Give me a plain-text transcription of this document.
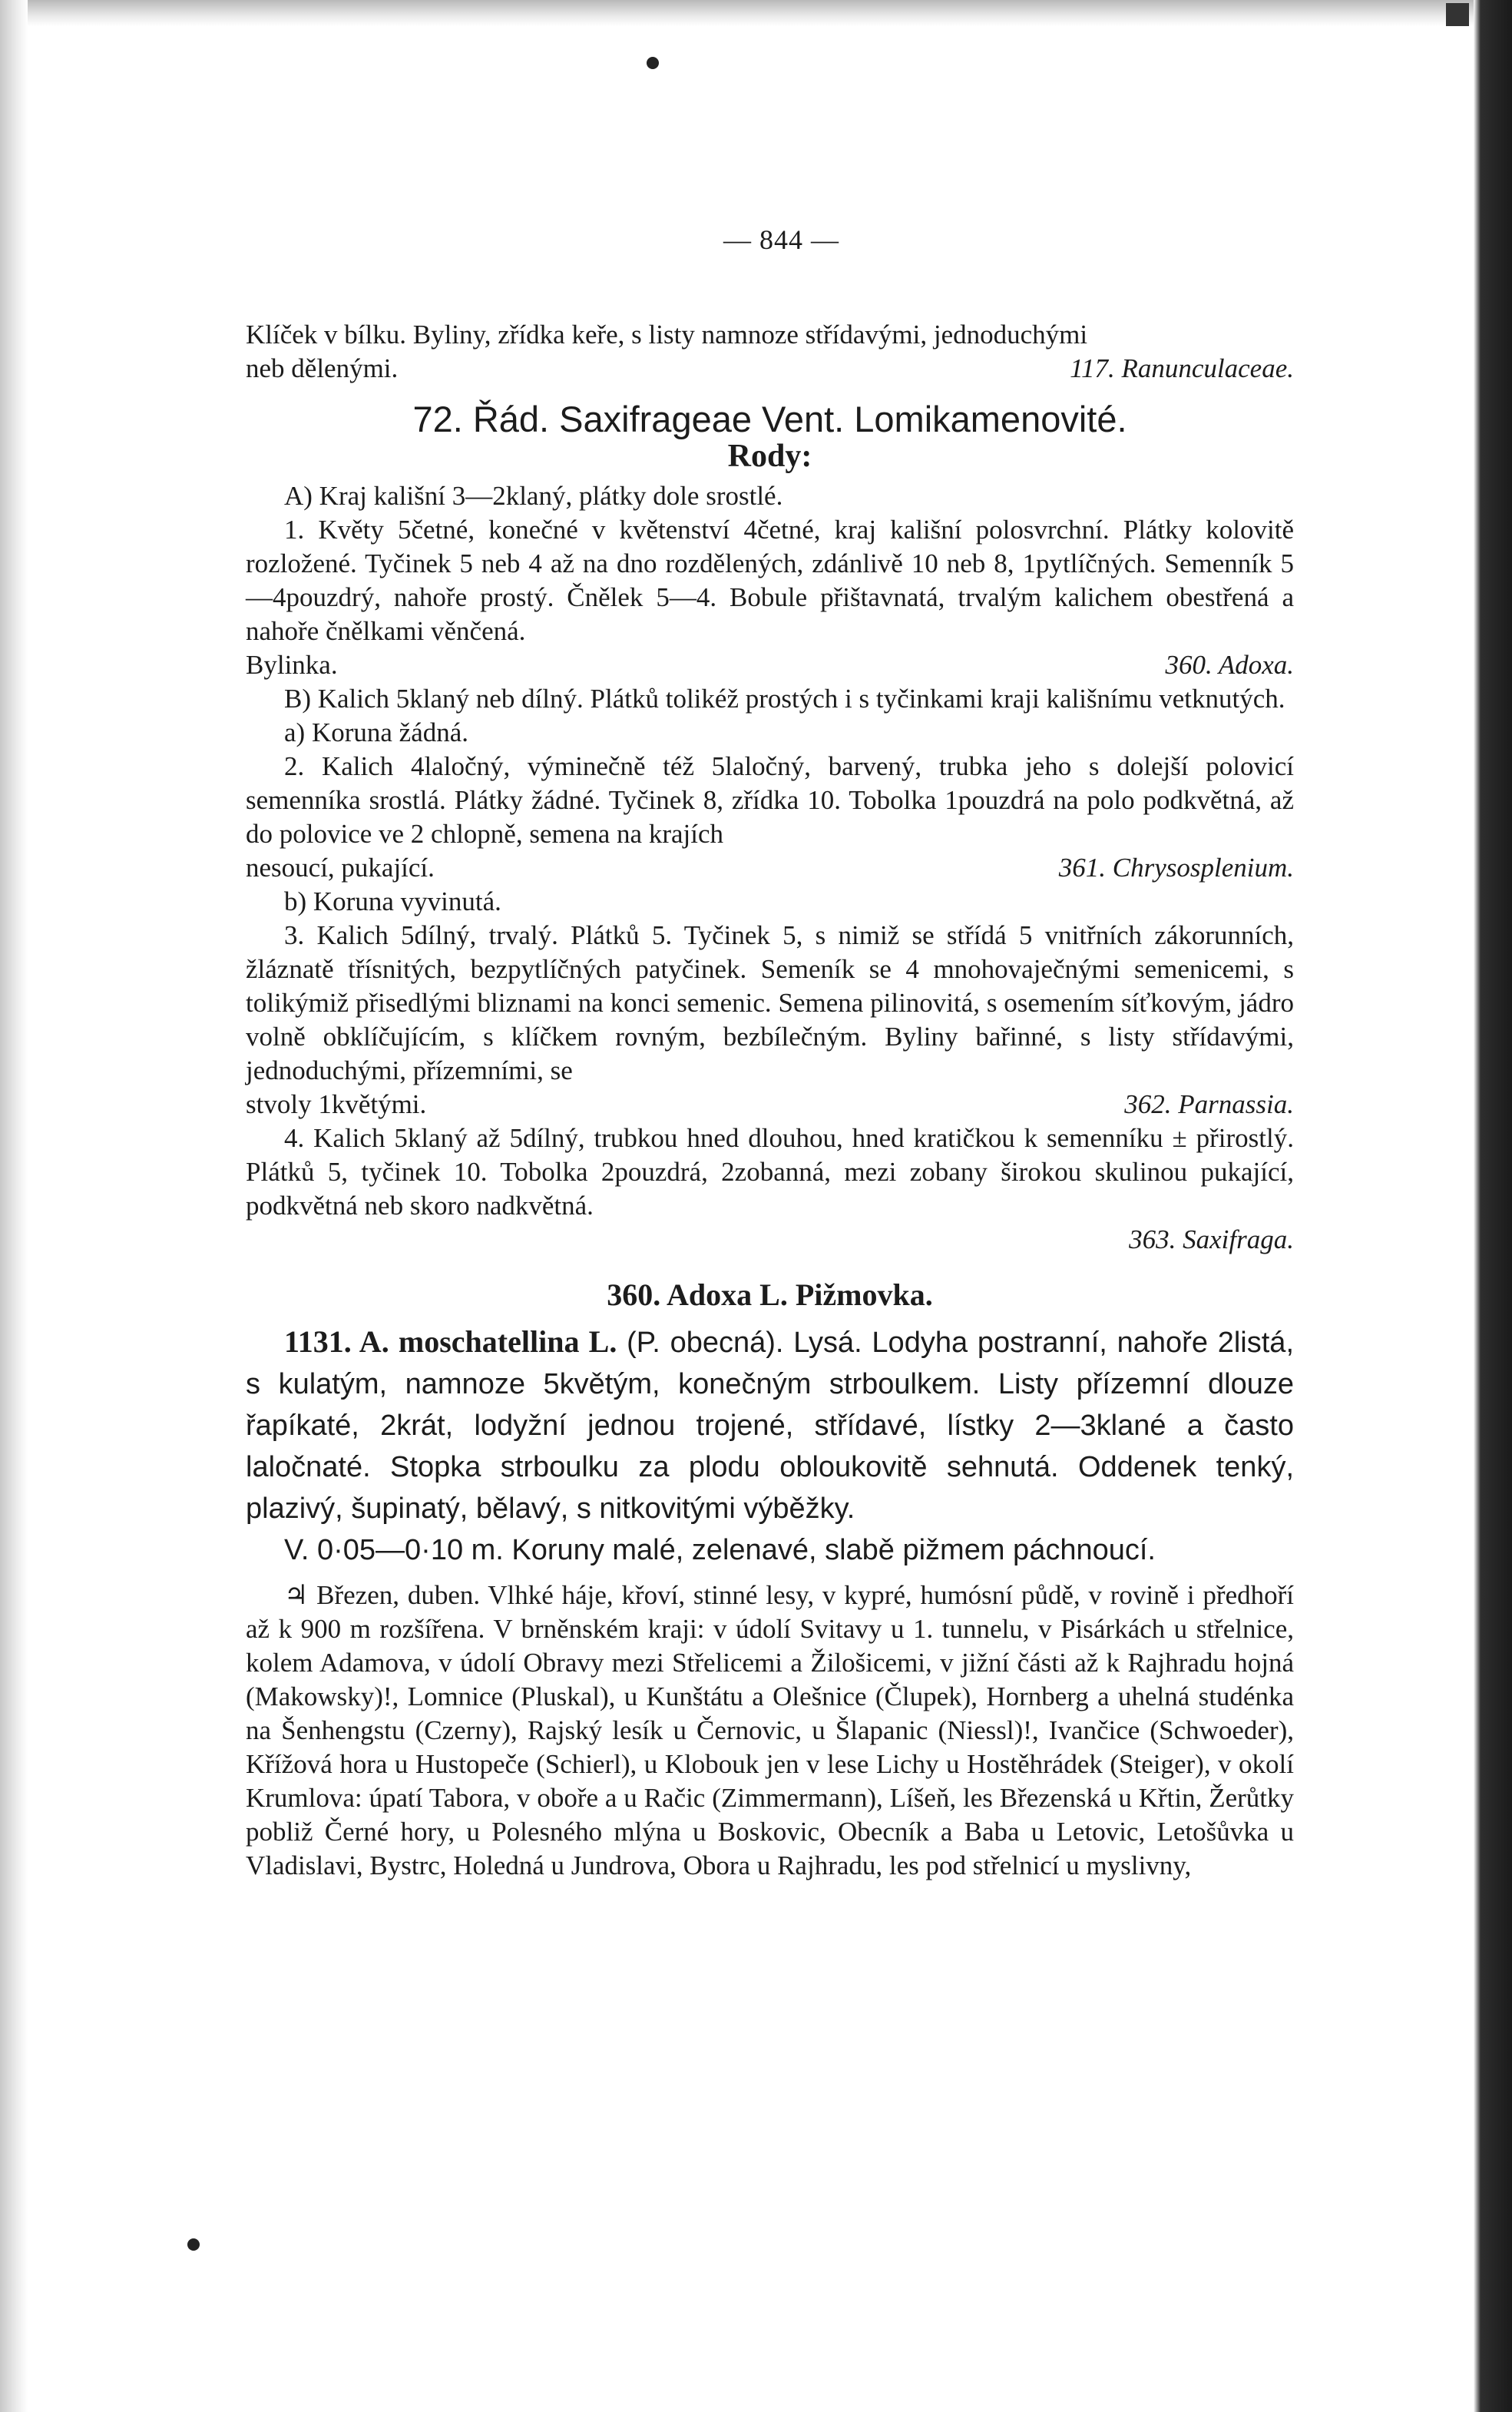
— 844 —

Klíček v bílku. Byliny, zřídka keře, s listy namnoze střídavými, jednoduchými

neb dělenými.	117. Ranunculaceae.
72. Řád. Saxifrageae Vent. Lomikamenovité.
Rody:

A) Kraj kališní 3—2klaný, plátky dole srostlé.

1. Květy 5četné, konečné v květenství 4četné, kraj kališní polosvrchní. Plátky kolovitě rozložené. Tyčinek 5 neb 4 až na dno rozdělených, zdánlivě 10 neb 8, 1pytlíčných. Semenník 5—4pouzdrý, nahoře prostý. Čnělek 5—4. Bobule přištavnatá, trvalým kalichem obestřená a nahoře čnělkami věnčená.

Bylinka.	360. Adoxa.

B) Kalich 5klaný neb dílný. Plátků tolikéž prostých i s tyčinkami kraji kališnímu vetknutých.

a) Koruna žádná.

2. Kalich 4laločný, výminečně též 5laločný, barvený, trubka jeho s dolejší polovicí semenníka srostlá. Plátky žádné. Tyčinek 8, zřídka 10. Tobolka 1pouzdrá na polo podkvětná, až do polovice ve 2 chlopně, semena na krajích

nesoucí, pukající.	361. Chrysosplenium.

b) Koruna vyvinutá.

3. Kalich 5dílný, trvalý. Plátků 5. Tyčinek 5, s nimiž se střídá 5 vnitřních zákorunních, žláznatě třísnitých, bezpytlíčných patyčinek. Semeník se 4 mnohovaječnými semenicemi, s tolikýmiž přisedlými bliznami na konci semenic. Semena pilinovitá, s osemením síťkovým, jádro volně obklíčujícím, s klíčkem rovným, bezbílečným. Byliny bařinné, s listy střídavými, jednoduchými, přízemními, se

stvoly 1květými.	362. Parnassia.

4. Kalich 5klaný až 5dílný, trubkou hned dlouhou, hned kratičkou k semenníku ± přirostlý. Plátků 5, tyčinek 10. Tobolka 2pouzdrá, 2zobanná, mezi zobany širokou skulinou pukající, podkvětná neb skoro nadkvětná.

363. Saxifraga.
360. Adoxa L. Pižmovka.

1131. A. moschatellina L. (P. obecná). Lysá. Lodyha postranní, nahoře 2listá, s kulatým, namnoze 5květým, konečným strboulkem. Listy přízemní dlouze řapíkaté, 2krát, lodyžní jednou trojené, střídavé, lístky 2—3klané a často laločnaté. Stopka strboulku za plodu obloukovitě sehnutá. Oddenek tenký, plazivý, šupinatý, bělavý, s nitkovitými výběžky.

V. 0·05—0·10 m. Koruny malé, zelenavé, slabě pižmem páchnoucí.

♃ Březen, duben. Vlhké háje, křoví, stinné lesy, v kypré, humósní půdě, v rovině i předhoří až k 900 m rozšířena. V brněnském kraji: v údolí Svitavy u 1. tunnelu, v Pisárkách u střelnice, kolem Adamova, v údolí Obravy mezi Střelicemi a Žilošicemi, v jižní části až k Rajhradu hojná (Makowsky)!, Lomnice (Pluskal), u Kunštátu a Olešnice (Člupek), Hornberg a uhelná studénka na Šenhengstu (Czerny), Rajský lesík u Černovic, u Šlapanic (Niessl)!, Ivančice (Schwoeder), Křížová hora u Hustopeče (Schierl), u Klobouk jen v lese Lichy u Hostěhrádek (Steiger), v okolí Krumlova: úpatí Tabora, v oboře a u Račic (Zimmermann), Líšeň, les Březenská u Křtin, Žerůtky pobliž Černé hory, u Polesného mlýna u Boskovic, Obecník a Baba u Letovic, Letošůvka u Vladislavi, Bystrc, Holedná u Jundrova, Obora u Rajhradu, les pod střelnicí u myslivny,
